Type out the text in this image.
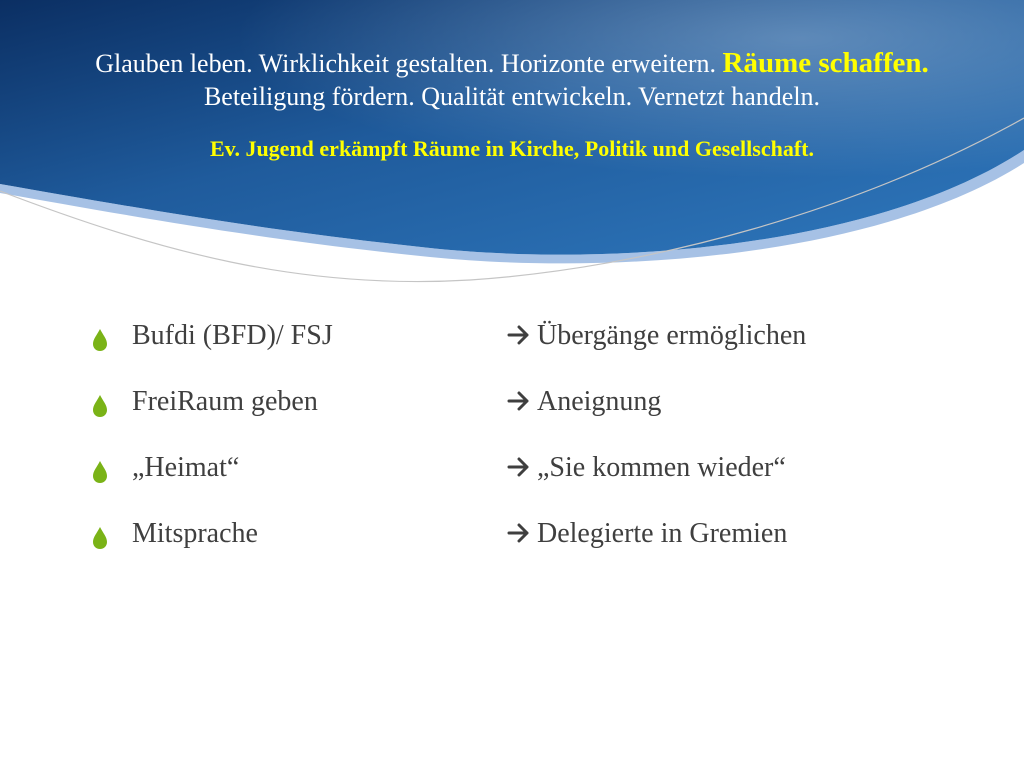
Glauben leben. Wirklichkeit gestalten. Horizonte erweitern. Räume schaffen.
Beteiligung fördern. Qualität entwickeln. Vernetzt handeln.
Ev. Jugend erkämpft Räume in Kirche, Politik und Gesellschaft.
Bufdi (BFD)/ FSJ	Übergänge ermöglichen
FreiRaum geben	Aneignung
„Heimat“	„Sie kommen wieder“
Mitsprache	Delegierte in Gremien
